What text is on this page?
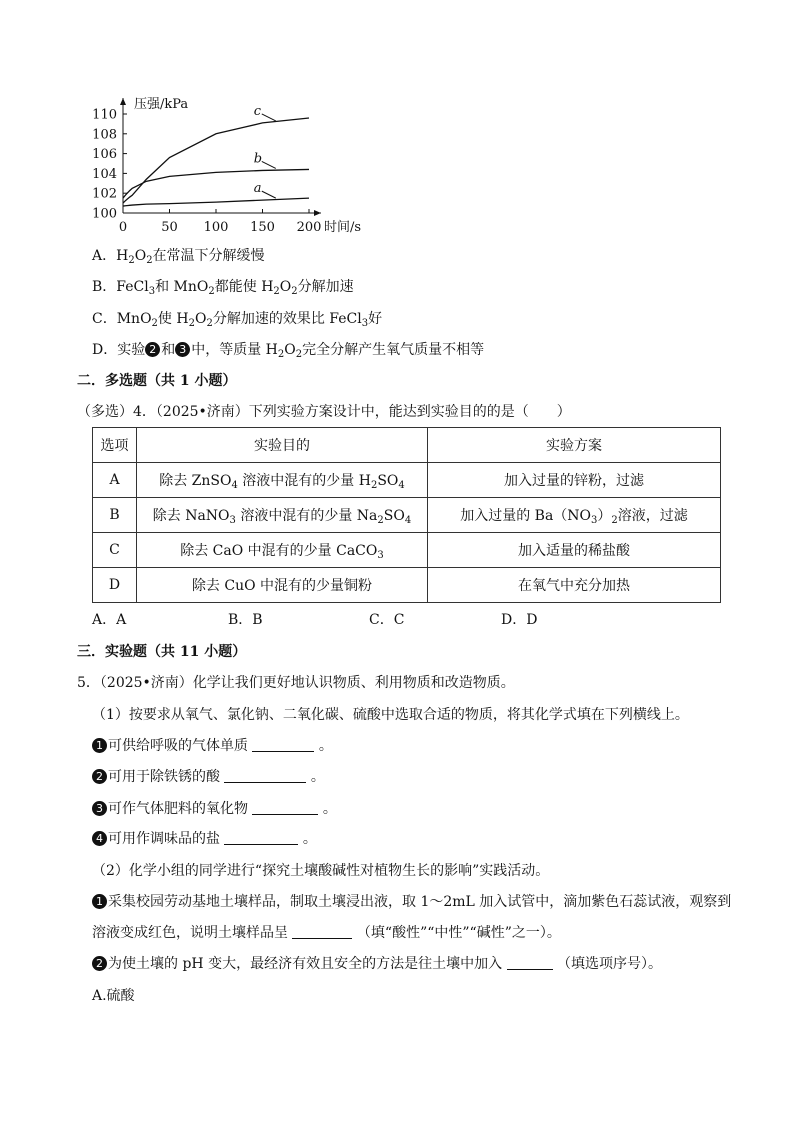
0	50 100 150 200
100
102
104
106
108
110
压强/kPa
时间/s
a
b
c
A．$H_2O_2$在常温下分解缓慢
B．FeCl$_3$和 MnO$_2$都能使 $H_2O_2$分解加速
C．MnO$_2$使 $H_2O_2$分解加速的效果比 FeCl$_3$好
D．实验 2 和 3 中，等质量 $H_2O_2$完全分解产生氧气质量不相等
二．多选题（共 1 小题）
（多选）4．（2025•济南）下列实验方案设计中，能达到实验目的的是（　　）
选项	实验目的	实验方案
A	除去 ZnSO$_4$ 溶液中混有的少量 $H_2SO_4$	加入过量的锌粉，过滤
B	除去 NaNO$_3$ 溶液中混有的少量 $Na_2SO_4$	加入过量的 $Ba(NO_3)_2$溶液，过滤
C	除去 CaO 中混有的少量 CaCO$_3$	加入适量的稀盐酸
D	除去 CuO 中混有的少量铜粉	在氧气中充分加热
A．A	B．B	C．C	D．D
三．实验题（共 11 小题）
5．（2025•济南）化学让我们更好地认识物质、利用物质和改造物质。
（1）按要求从氧气、氯化钠、二氧化碳、硫酸中选取合适的物质，将其化学式填在下列横线上。
1 可供给呼吸的气体单质	。
2 可用于除铁锈的酸	。
3 可作气体肥料的氧化物	。
4 可用作调味品的盐	。
（2）化学小组的同学进行“探究土壤酸碱性对植物生长的影响”实践活动。
1 采集校园劳动基地土壤样品，制取土壤浸出液，取 1～2mL 加入试管中，滴加紫色石蕊试液，观察到
溶液变成红色，说明土壤样品呈	（填“酸性”“中性”“碱性”之一）。
2 为使土壤的 pH 变大，最经济有效且安全的方法是往土壤中加入	（填选项序号）。
A.硫酸
